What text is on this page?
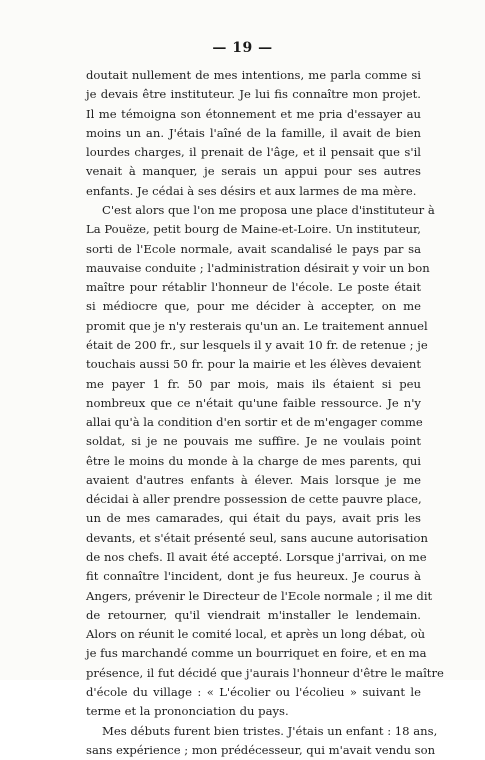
— 19 —
doutait nullement de mes intentions, me parla comme si
je devais être instituteur. Je lui fis connaître mon projet.
Il me témoigna son étonnement et me pria d'essayer au
moins un an. J'étais l'aîné de la famille, il avait de bien
lourdes charges, il prenait de l'âge, et il pensait que s'il
venait à manquer, je serais un appui pour ses autres
enfants. Je cédai à ses désirs et aux larmes de ma mère.
C'est alors que l'on me proposa une place d'instituteur à
La Pouëze, petit bourg de Maine-et-Loire. Un instituteur,
sorti de l'Ecole normale, avait scandalisé le pays par sa
mauvaise conduite ; l'administration désirait y voir un bon
maître pour rétablir l'honneur de l'école. Le poste était
si médiocre que, pour me décider à accepter, on me
promit que je n'y resterais qu'un an. Le traitement annuel
était de 200 fr., sur lesquels il y avait 10 fr. de retenue ; je
touchais aussi 50 fr. pour la mairie et les élèves devaient
me payer 1 fr. 50 par mois, mais ils étaient si peu
nombreux que ce n'était qu'une faible ressource. Je n'y
allai qu'à la condition d'en sortir et de m'engager comme
soldat, si je ne pouvais me suffire. Je ne voulais point
être le moins du monde à la charge de mes parents, qui
avaient d'autres enfants à élever. Mais lorsque je me
décidai à aller prendre possession de cette pauvre place,
un de mes camarades, qui était du pays, avait pris les
devants, et s'était présenté seul, sans aucune autorisation
de nos chefs. Il avait été accepté. Lorsque j'arrivai, on me
fit connaître l'incident, dont je fus heureux. Je courus à
Angers, prévenir le Directeur de l'Ecole normale ; il me dit
de retourner, qu'il viendrait m'installer le lendemain.
Alors on réunit le comité local, et après un long débat, où
je fus marchandé comme un bourriquet en foire, et en ma
présence, il fut décidé que j'aurais l'honneur d'être le maître
d'école du village : « L'écolier ou l'écolieu » suivant le
terme et la prononciation du pays.
Mes débuts furent bien tristes. J'étais un enfant : 18 ans,
sans expérience ; mon prédécesseur, qui m'avait vendu son
